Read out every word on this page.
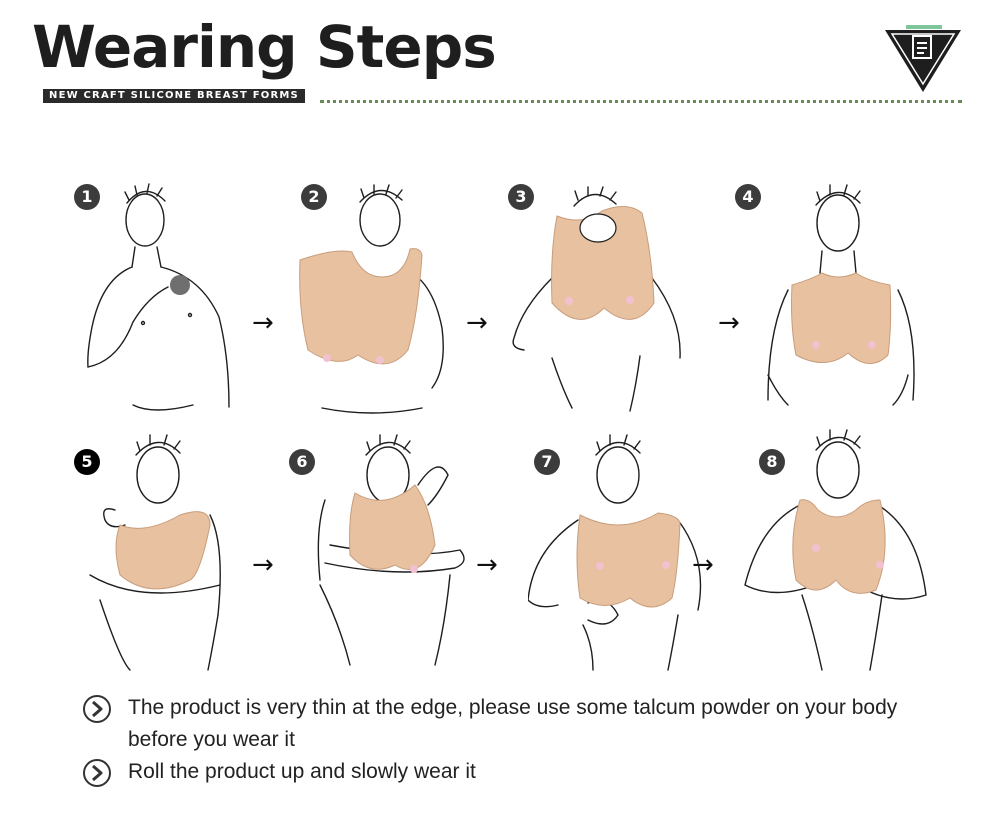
Wearing Steps
NEW CRAFT SILICONE BREAST FORMS
1
→
2
→
3
→
4
5
→
6
→
7
→
8
The product is very thin at the edge, please use some talcum powder on your body before you wear it
Roll the product up and slowly wear it
